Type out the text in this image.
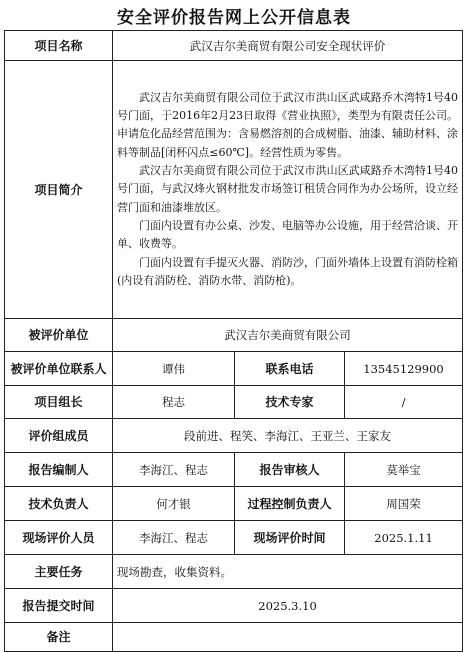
安全评价报告网上公开信息表
项目名称	武汉吉尔美商贸有限公司安全现状评价		
项目简介	武汉吉尔美商贸有限公司位于武汉市洪山区武咸路乔木湾特1号40号门面，于2016年2月23日取得《营业执照》，类型为有限责任公司。申请危化品经营范围为：含易燃溶剂的合成树脂、油漆、辅助材料、涂料等制品[闭杯闪点≤60℃]。经营性质为零售。

武汉吉尔美商贸有限公司位于武汉市洪山区武咸路乔木湾特1号40号门面，与武汉烽火钢材批发市场签订租赁合同作为办公场所，设立经营门面和油漆堆放区。

门面内设置有办公桌、沙发、电脑等办公设施，用于经营洽谈、开单、收费等。

门面内设置有手提灭火器、消防沙，门面外墙体上设置有消防栓箱(内设有消防栓、消防水带、消防枪)。		

被评价单位	武汉吉尔美商贸有限公司		
被评价单位联系人	谭伟	联系电话	13545129900
项目组长	程志	技术专家	/
评价组成员	段前进、程笑、李海江、王亚兰、王家友		
报告编制人	李海江、程志	报告审核人	莫举宝
技术负责人	何才银	过程控制负责人	周国荣
现场评价人员	李海江、程志	现场评价时间	2025.1.11
主要任务	现场勘查，收集资料。		
报告提交时间	2025.3.10		
备注			
